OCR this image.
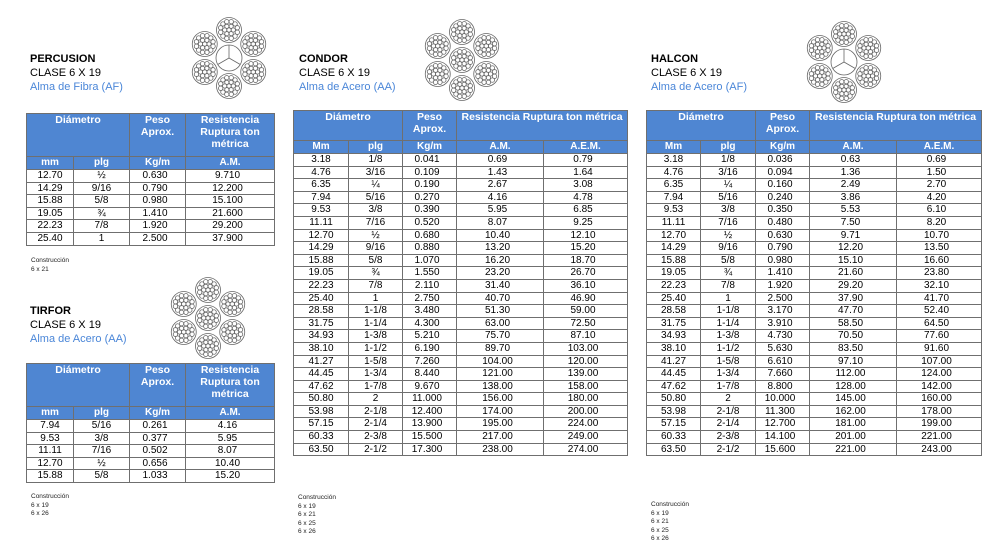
PERCUSION
CLASE 6 X 19
Alma de Fibra (AF)
Diámetro		Peso Aprox.	Resistencia Ruptura ton métrica
mm	plg	Kg/m	A.M.
12.70	½	0.630	9.710
14.29	9/16	0.790	12.200
15.88	5/8	0.980	15.100
19.05	¾	1.410	21.600
22.23	7/8	1.920	29.200
25.40	1	2.500	37.900
Construcción
6 x 21
TIRFOR
CLASE 6 X 19
Alma de Acero (AA)
Diámetro		Peso Aprox.	Resistencia Ruptura ton métrica
mm	plg	Kg/m	A.M.
7.94	5/16	0.261	4.16
9.53	3/8	0.377	5.95
11.11	7/16	0.502	8.07
12.70	½	0.656	10.40
15.88	5/8	1.033	15.20
Construcción
6 x 19
6 x 26
CONDOR
CLASE 6 X 19
Alma de Acero (AA)
Diámetro		Peso Aprox.	Resistencia Ruptura ton métrica	
Mm	plg	Kg/m	A.M.	A.E.M.
3.18	1/8	0.041	0.69	0.79
4.76	3/16	0.109	1.43	1.64
6.35	¼	0.190	2.67	3.08
7.94	5/16	0.270	4.16	4.78
9.53	3/8	0.390	5.95	6.85
11.11	7/16	0.520	8.07	9.25
12.70	½	0.680	10.40	12.10
14.29	9/16	0.880	13.20	15.20
15.88	5/8	1.070	16.20	18.70
19.05	¾	1.550	23.20	26.70
22.23	7/8	2.110	31.40	36.10
25.40	1	2.750	40.70	46.90
28.58	1-1/8	3.480	51.30	59.00
31.75	1-1/4	4.300	63.00	72.50
34.93	1-3/8	5.210	75.70	87.10
38.10	1-1/2	6.190	89.70	103.00
41.27	1-5/8	7.260	104.00	120.00
44.45	1-3/4	8.440	121.00	139.00
47.62	1-7/8	9.670	138.00	158.00
50.80	2	11.000	156.00	180.00
53.98	2-1/8	12.400	174.00	200.00
57.15	2-1/4	13.900	195.00	224.00
60.33	2-3/8	15.500	217.00	249.00
63.50	2-1/2	17.300	238.00	274.00
Construcción
6 x 19
6 x 21
6 x 25
6 x 26
HALCON
CLASE 6 X 19
Alma de Acero (AF)
Diámetro		Peso Aprox.	Resistencia Ruptura ton métrica	
Mm	plg	Kg/m	A.M.	A.E.M.
3.18	1/8	0.036	0.63	0.69
4.76	3/16	0.094	1.36	1.50
6.35	¼	0.160	2.49	2.70
7.94	5/16	0.240	3.86	4.20
9.53	3/8	0.350	5.53	6.10
11.11	7/16	0.480	7.50	8.20
12.70	½	0.630	9.71	10.70
14.29	9/16	0.790	12.20	13.50
15.88	5/8	0.980	15.10	16.60
19.05	¾	1.410	21.60	23.80
22.23	7/8	1.920	29.20	32.10
25.40	1	2.500	37.90	41.70
28.58	1-1/8	3.170	47.70	52.40
31.75	1-1/4	3.910	58.50	64.50
34.93	1-3/8	4.730	70.50	77.60
38.10	1-1/2	5.630	83.50	91.60
41.27	1-5/8	6.610	97.10	107.00
44.45	1-3/4	7.660	112.00	124.00
47.62	1-7/8	8.800	128.00	142.00
50.80	2	10.000	145.00	160.00
53.98	2-1/8	11.300	162.00	178.00
57.15	2-1/4	12.700	181.00	199.00
60.33	2-3/8	14.100	201.00	221.00
63.50	2-1/2	15.600	221.00	243.00
Construcción
6 x 19
6 x 21
6 x 25
6 x 26
